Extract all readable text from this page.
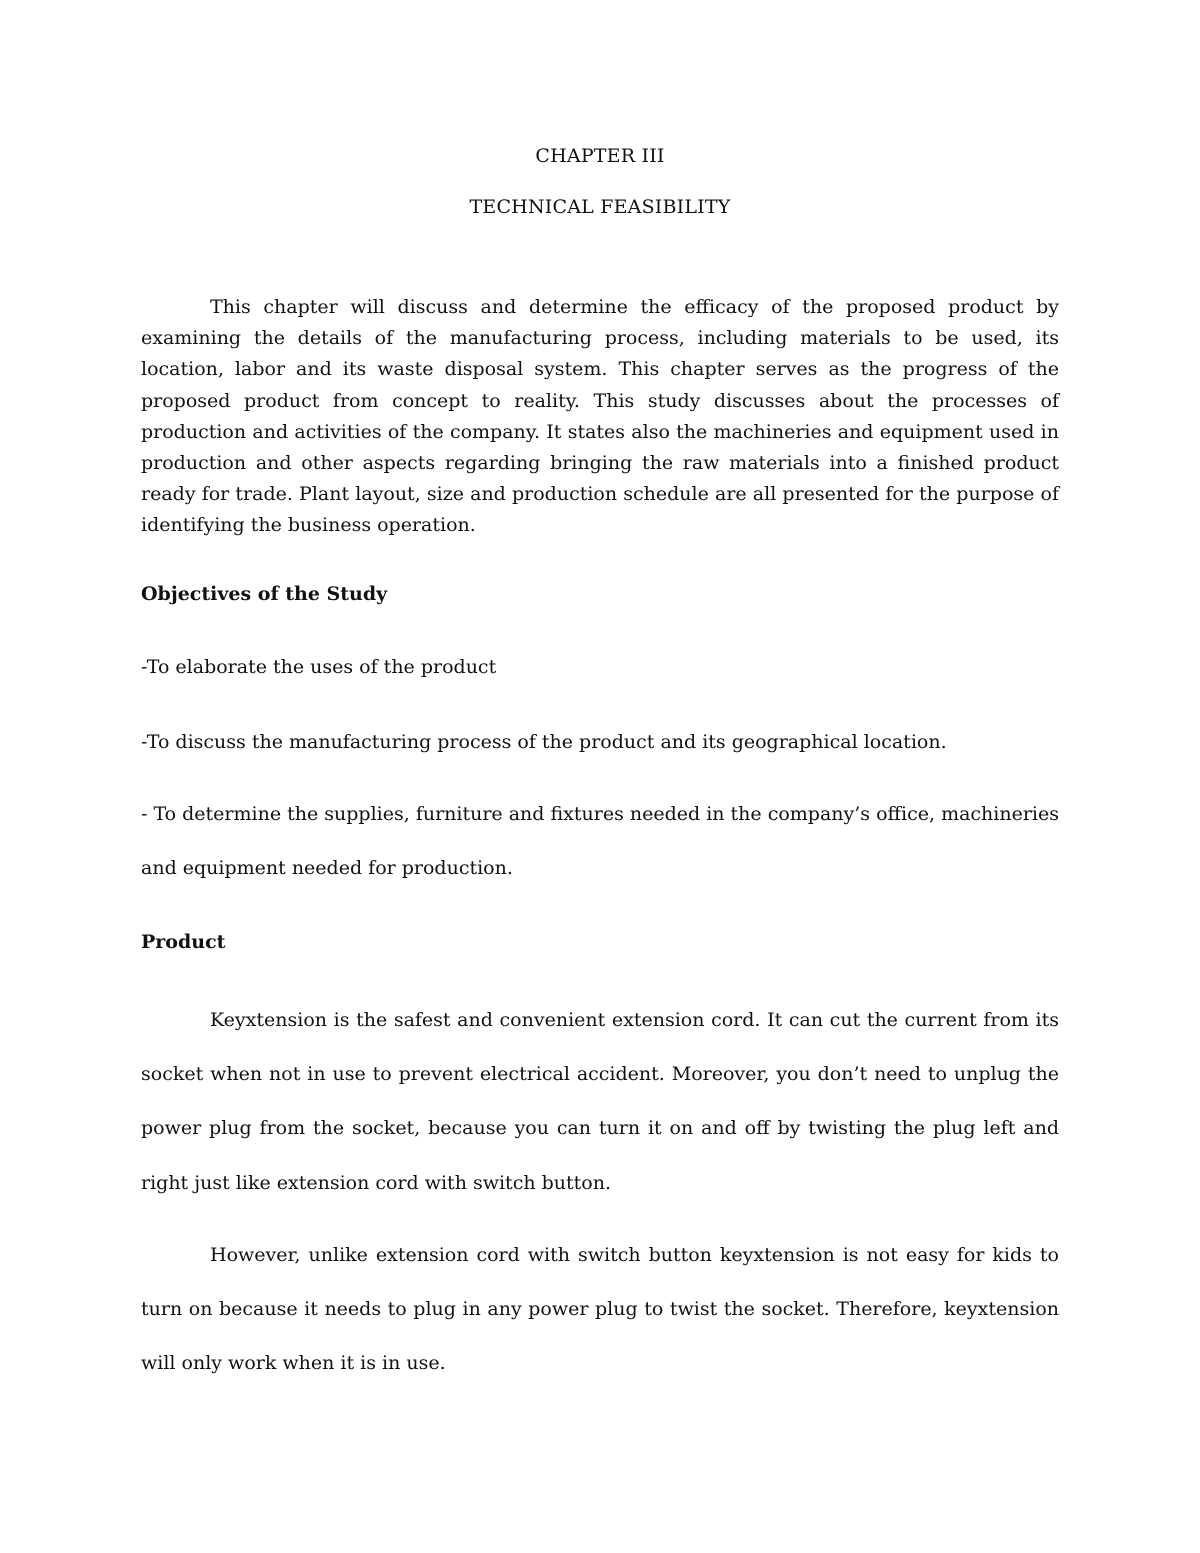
CHAPTER III
TECHNICAL FEASIBILITY

This chapter will discuss and determine the efficacy of the proposed product by examining the details of the manufacturing process, including materials to be used, its location, labor and its waste disposal system. This chapter serves as the progress of the proposed product from concept to reality. This study discusses about the processes of production and activities of the company. It states also the machineries and equipment used in production and other aspects regarding bringing the raw materials into a finished product ready for trade. Plant layout, size and production schedule are all presented for the purpose of identifying the business operation.

Objectives of the Study

-To elaborate the uses of the product

-To discuss the manufacturing process of the product and its geographical location.

- To determine the supplies, furniture and fixtures needed in the company’s office, machineries and equipment needed for production.

Product

Keyxtension is the safest and convenient extension cord. It can cut the current from its socket when not in use to prevent electrical accident. Moreover, you don’t need to unplug the power plug from the socket, because you can turn it on and off by twisting the plug left and right just like extension cord with switch button.

However, unlike extension cord with switch button keyxtension is not easy for kids to turn on because it needs to plug in any power plug to twist the socket. Therefore, keyxtension will only work when it is in use.
